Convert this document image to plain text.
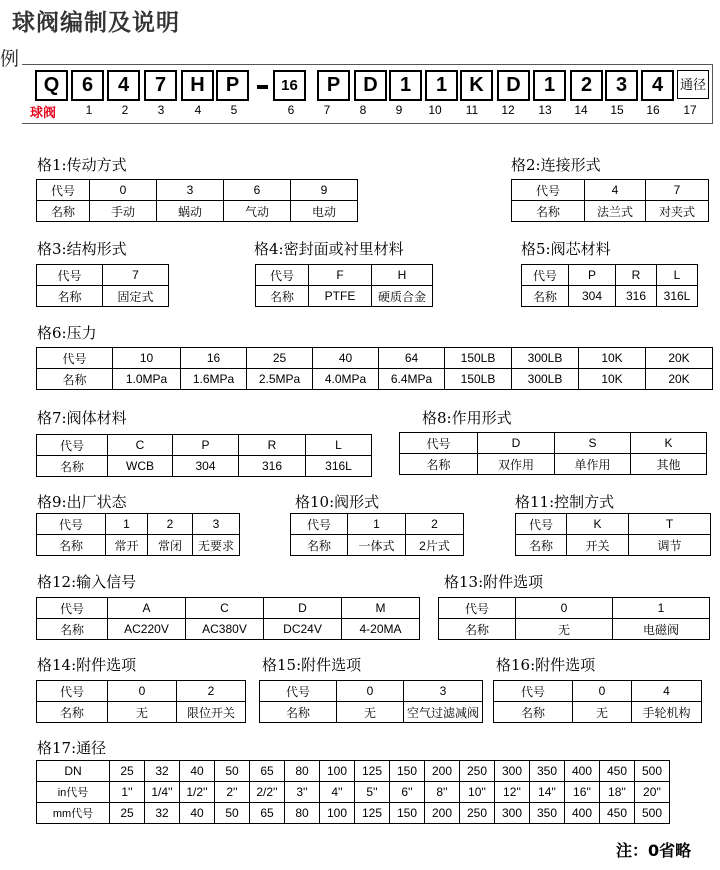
球阀编制及说明
例
Q	6	4	7	H	P	16	P	D	1	1	K	D	1	2	3	4	通径
球阀	1	2	3	4	5	6	7	8	9	10	11	12	13	14	15	16	17
格1:传动方式
代号	0	3	6	9
名称	手动	蜗动	气动	电动
格2:连接形式
代号	4	7
名称	法兰式	对夹式
格3:结构形式
代号	7
名称	固定式
格4:密封面或衬里材料
代号	F	H
名称	PTFE	硬质合金
格5:阀芯材料
代号	P	R	L
名称	304	316	316L
格6:压力
代号	10	16	25	40	64	150LB	300LB	10K	20K
名称	1.0MPa	1.6MPa	2.5MPa	4.0MPa	6.4MPa	150LB	300LB	10K	20K
格7:阀体材料
代号	C	P	R	L
名称	WCB	304	316	316L
格8:作用形式
代号	D	S	K
名称	双作用	单作用	其他
格9:出厂状态
代号	1	2	3
名称	常开	常闭	无要求
格10:阀形式
代号	1	2
名称	一体式	2片式
格11:控制方式
代号	K	T
名称	开关	调节
格12:输入信号
代号	A	C	D	M
名称	AC220V	AC380V	DC24V	4-20MA
格13:附件选项
代号	0	1
名称	无	电磁阀
格14:附件选项
代号	0	2
名称	无	限位开关
格15:附件选项
代号	0	3
名称	无	空气过滤减阀
格16:附件选项
代号	0	4
名称	无	手轮机构
格17:通径
DN	25	32	40	50	65	80	100	125	150	200	250	300	350	400	450	500
in代号	1''	1/4''	1/2''	2''	2/2''	3''	4''	5''	6''	8''	10''	12''	14''	16''	18''	20''
mm代号	25	32	40	50	65	80	100	125	150	200	250	300	350	400	450	500
注：0省略
